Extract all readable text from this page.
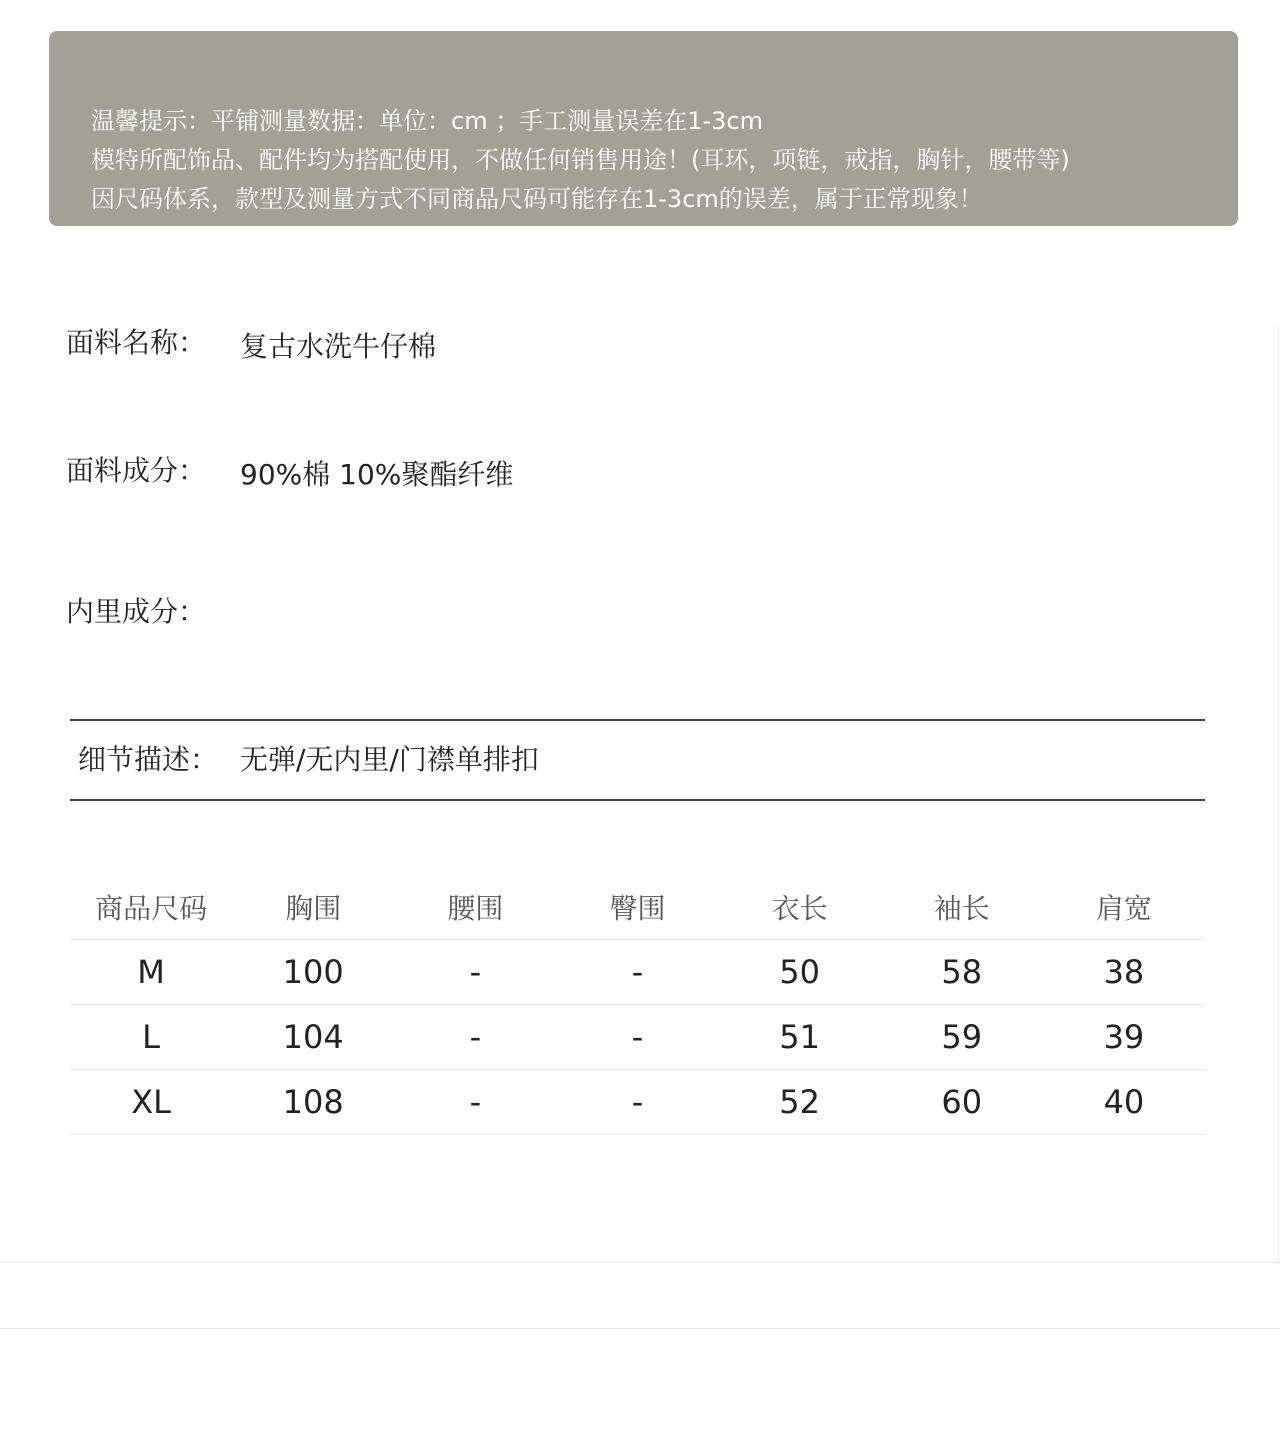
温馨提示：平铺测量数据：单位：cm ；手工测量误差在1-3cm

模特所配饰品、配件均为搭配使用，不做任何销售用途！(耳环，项链，戒指，胸针，腰带等)

因尺码体系，款型及测量方式不同商品尺码可能存在1-3cm的误差，属于正常现象！

面料名称： 复古水洗牛仔棉
面料成分： 90%棉 10%聚酯纤维
内里成分：
细节描述： 无弹/无内里/门襟单排扣
商品尺码	胸围	腰围	臀围	衣长	袖长	肩宽
M	100	-	-	50	58	38
L	104	-	-	51	59	39
XL	108	-	-	52	60	40
